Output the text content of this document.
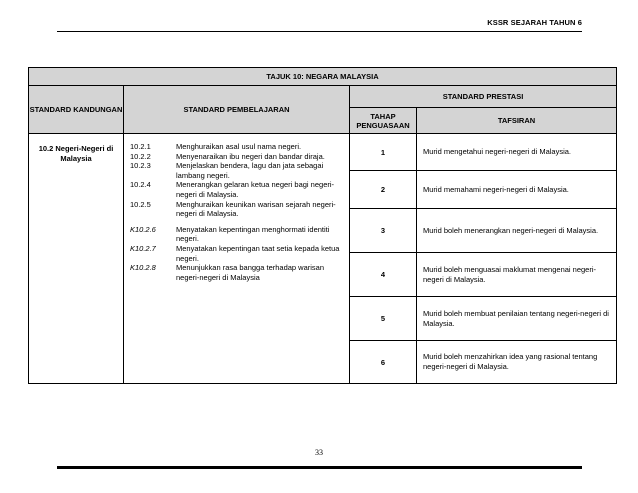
KSSR SEJARAH TAHUN 6
TAJUK 10: NEGARA MALAYSIA
STANDARD KANDUNGAN	STANDARD PEMBELAJARAN	STANDARD PRESTASI
TAHAP PENGUASAAN	TAFSIRAN
10.2 Negeri-Negeri di Malaysia	
10.2.1	Menghuraikan asal usul nama negeri.
10.2.2	Menyenaraikan ibu negeri dan bandar diraja.
10.2.3	Menjelaskan bendera, lagu dan jata sebagai lambang negeri.
10.2.4	Menerangkan gelaran ketua negeri bagi negeri-negeri di Malaysia.
10.2.5	Menghuraikan keunikan warisan sejarah negeri-negeri di Malaysia.

K10.2.6	Menyatakan kepentingan menghormati identiti negeri.
K10.2.7	Menyatakan kepentingan taat setia kepada ketua negeri.
K10.2.8	Menunjukkan rasa bangga terhadap warisan negeri-negeri di Malaysia
	1	Murid mengetahui negeri-negeri di Malaysia.
2	Murid memahami negeri-negeri di Malaysia.
3	Murid boleh menerangkan negeri-negeri di Malaysia.
4	Murid boleh menguasai maklumat mengenai negeri-negeri di Malaysia.
5	Murid boleh membuat penilaian tentang negeri-negeri di Malaysia.
6	Murid boleh menzahirkan idea yang rasional tentang negeri-negeri di Malaysia.
33
